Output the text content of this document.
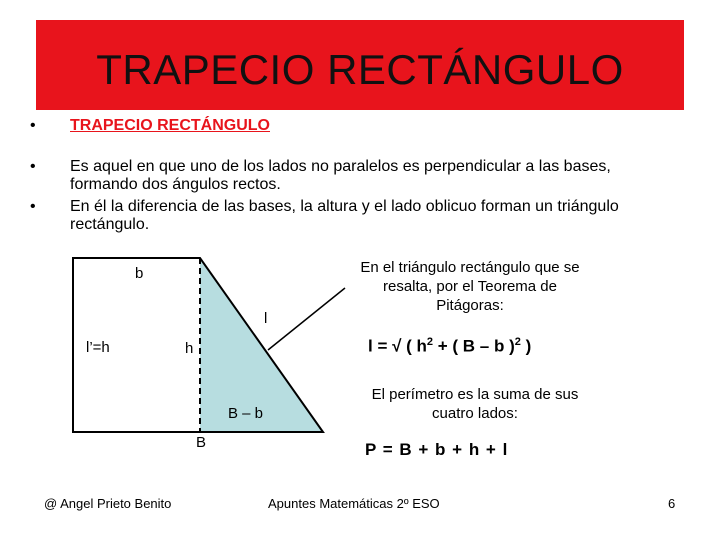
TRAPECIO RECTÁNGULO
•	TRAPECIO RECTÁNGULO
•	Es aquel en que uno de los lados no paralelos es perpendicular a las bases, formando dos ángulos rectos.
•	En él la diferencia de las bases, la altura y el lado oblicuo forman un triángulo rectángulo.
b
l
l’=h	h
B – b
B
En el triángulo rectángulo que se resalta, por el Teorema de Pitágoras:
l = √ ( $h^2$ + ( B – b )$^2$ )
El perímetro es la suma de sus cuatro lados:
P = B + b + h + l
@ Angel Prieto Benito	Apuntes Matemáticas 2º ESO	6
